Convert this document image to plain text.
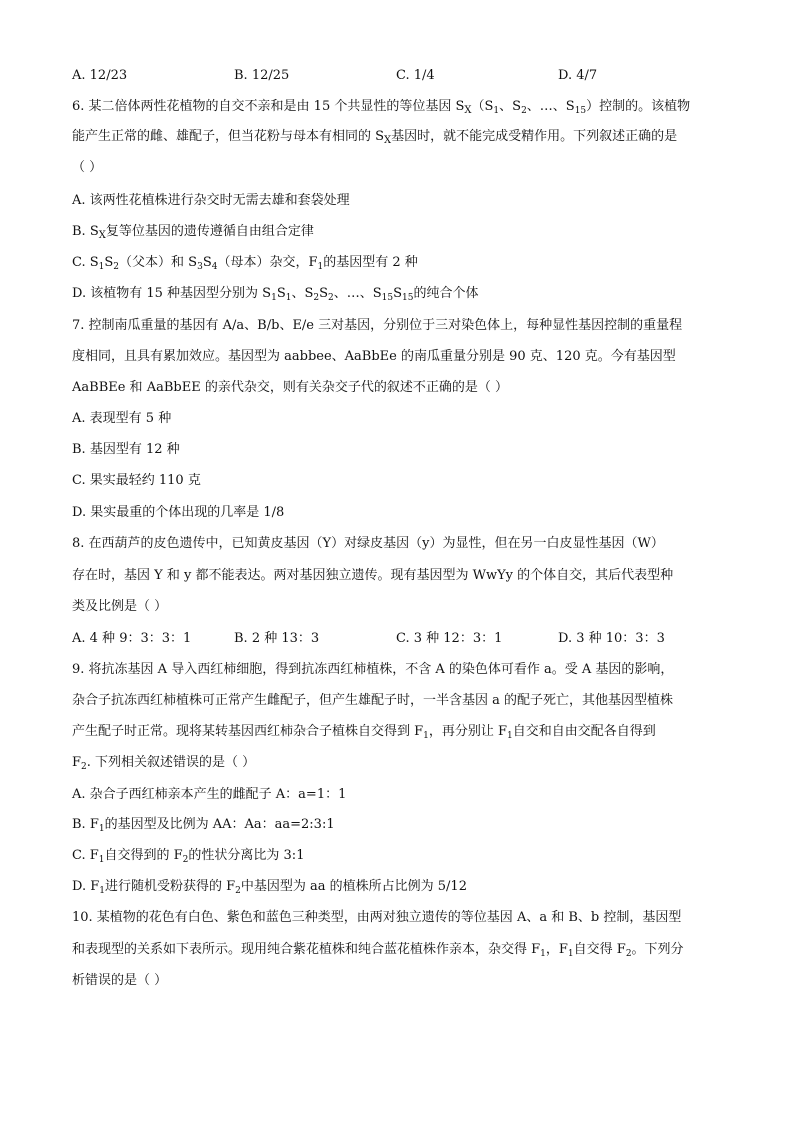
A. 12/23	B. 12/25	C. 1/4	D. 4/7
6. 某二倍体两性花植物的自交不亲和是由 15 个共显性的等位基因 $S_X(S_1$、$S_2$、…、$S_{15}$）控制的。该植物
能产生正常的雌、雄配子，但当花粉与母本有相同的 $S_X$基因时，就不能完成受精作用。下列叙述正确的是
（ ）
A. 该两性花植株进行杂交时无需去雄和套袋处理
B. $S_X$复等位基因的遗传遵循自由组合定律
C. $S_1S_2$（父本）和 $S_3S_4$（母本）杂交，$F_1$的基因型有 2 种
D. 该植物有 15 种基因型分别为 $S_1S_1$、$S_2S_2$、…、$S_{15}S_{15}$的纯合个体
7. 控制南瓜重量的基因有 A/a、B/b、E/e 三对基因，分别位于三对染色体上，每种显性基因控制的重量程
度相同，且具有累加效应。基因型为 aabbee、AaBbEe 的南瓜重量分别是 90 克、120 克。今有基因型
AaBBEe 和 AaBbEE 的亲代杂交，则有关杂交子代的叙述不正确的是（ ）
A. 表现型有 5 种
B. 基因型有 12 种
C. 果实最轻约 110 克
D. 果实最重的个体出现的几率是 1/8
8. 在西葫芦的皮色遗传中，已知黄皮基因（Y）对绿皮基因（y）为显性，但在另一白皮显性基因（W）
存在时，基因 Y 和 y 都不能表达。两对基因独立遗传。现有基因型为 WwYy 的个体自交，其后代表型种
类及比例是（ ）
A. 4 种 9：3：3：1	B. 2 种 13：3	C. 3 种 12：3：1	D. 3 种 10：3：3
9. 将抗冻基因 A 导入西红柿细胞，得到抗冻西红柿植株，不含 A 的染色体可看作 a。受 A 基因的影响，
杂合子抗冻西红柿植株可正常产生雌配子，但产生雄配子时，一半含基因 a 的配子死亡，其他基因型植株
产生配子时正常。现将某转基因西红柿杂合子植株自交得到 $F_1$，再分别让 $F_1$自交和自由交配各自得到
$F_2$. 下列相关叙述错误的是（ ）
A. 杂合子西红柿亲本产生的雌配子 A：a=1：1
B. $F_1$的基因型及比例为 AA：Aa：aa=2:3:1
C. $F_1$自交得到的 $F_2$的性状分离比为 3:1
D. $F_1$进行随机受粉获得的 $F_2$中基因型为 aa 的植株所占比例为 5/12
10. 某植物的花色有白色、紫色和蓝色三种类型，由两对独立遗传的等位基因 A、a 和 B、b 控制，基因型
和表现型的关系如下表所示。现用纯合紫花植株和纯合蓝花植株作亲本，杂交得 $F_1$，$F_1$自交得 $F_2$。下列分
析错误的是（ ）
